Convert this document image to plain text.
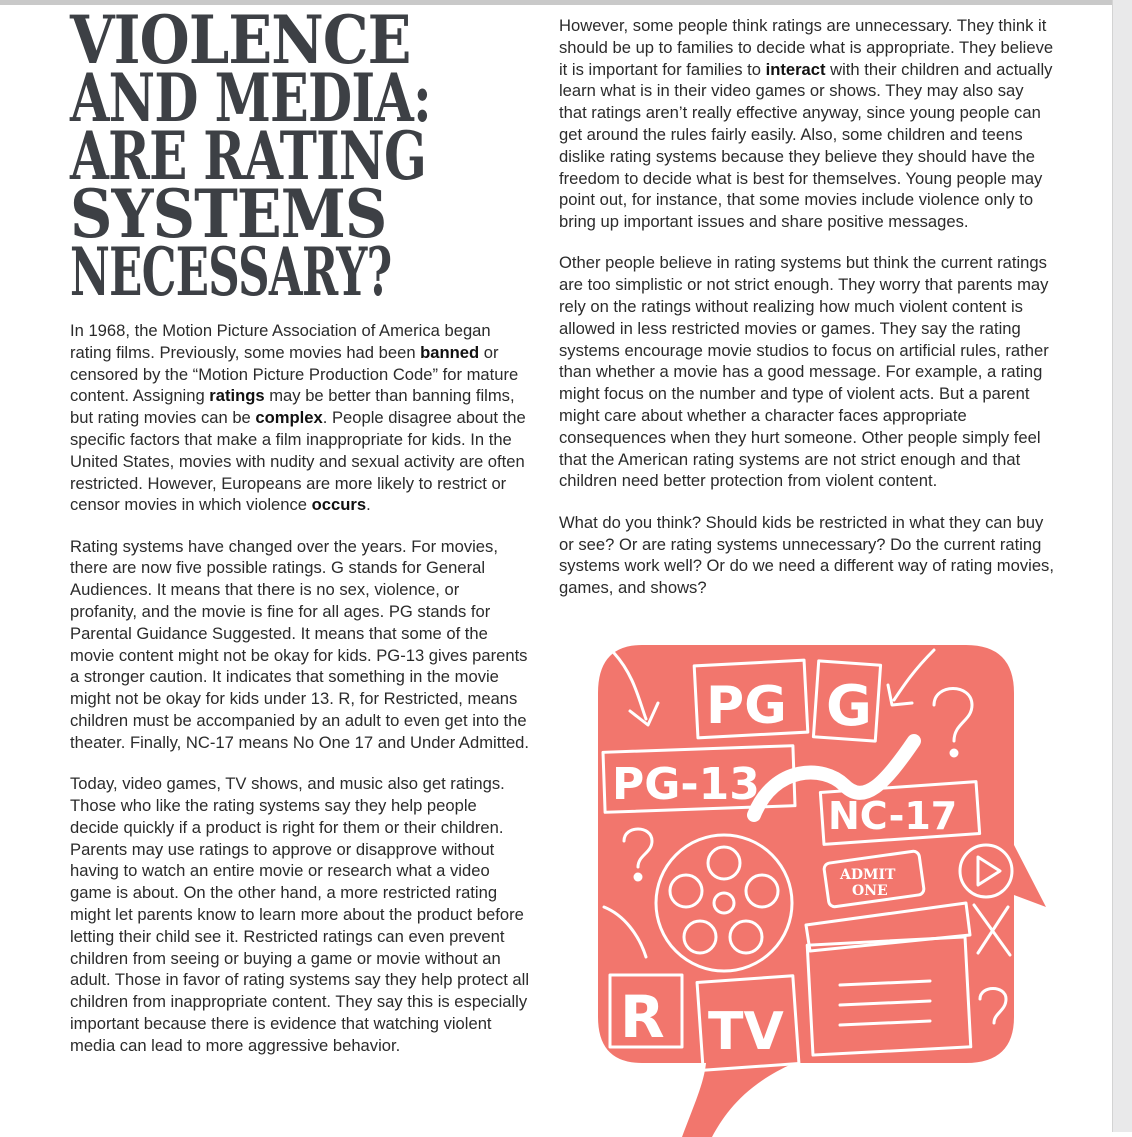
VIOLENCE
AND MEDIA:
ARE RATING
SYSTEMS
NECESSARY?

In 1968, the Motion Picture Association of America began rating films. Previously, some movies had been banned or censored by the “Motion Picture Production Code” for mature content. Assigning ratings may be better than banning films, but rating movies can be complex. People disagree about the specific factors that make a film inappropriate for kids. In the United States, movies with nudity and sexual activity are often restricted. However, Europeans are more likely to restrict or censor movies in which violence occurs.

Rating systems have changed over the years. For movies, there are now five possible ratings. G stands for General Audiences. It means that there is no sex, violence, or profanity, and the movie is fine for all ages. PG stands for Parental Guidance Suggested. It means that some of the movie content might not be okay for kids. PG-13 gives parents a stronger caution. It indicates that something in the movie might not be okay for kids under 13. R, for Restricted, means children must be accompanied by an adult to even get into the theater. Finally, NC-17 means No One 17 and Under Admitted.

Today, video games, TV shows, and music also get ratings. Those who like the rating systems say they help people decide quickly if a product is right for them or their children. Parents may use ratings to approve or disapprove without having to watch an entire movie or research what a video game is about. On the other hand, a more restricted rating might let parents know to learn more about the product before letting their child see it. Restricted ratings can even prevent children from seeing or buying a game or movie without an adult. Those in favor of rating systems say they help protect all children from inappropriate content. They say this is especially important because there is evidence that watching violent media can lead to more aggressive behavior.

However, some people think ratings are unnecessary. They think it should be up to families to decide what is appropriate. They believe it is important for families to interact with their children and actually learn what is in their video games or shows. They may also say that ratings aren’t really effective anyway, since young people can get around the rules fairly easily. Also, some children and teens dislike rating systems because they believe they should have the freedom to decide what is best for themselves. Young people may point out, for instance, that some movies include violence only to bring up important issues and share positive messages.

Other people believe in rating systems but think the current ratings are too simplistic or not strict enough. They worry that parents may rely on the ratings without realizing how much violent content is allowed in less restricted movies or games. They say the rating systems encourage movie studios to focus on artificial rules, rather than whether a movie has a good message. For example, a rating might focus on the number and type of violent acts. But a parent might care about whether a character faces appropriate consequences when they hurt someone. Other people simply feel that the American rating systems are not strict enough and that children need better protection from violent content.

What do you think? Should kids be restricted in what they can buy or see? Or are rating systems unnecessary? Do the current rating systems work well? Or do we need a different way of rating movies, games, and shows?

PG G
PG-13
NC-17
R TV
ADMIT
ONE
